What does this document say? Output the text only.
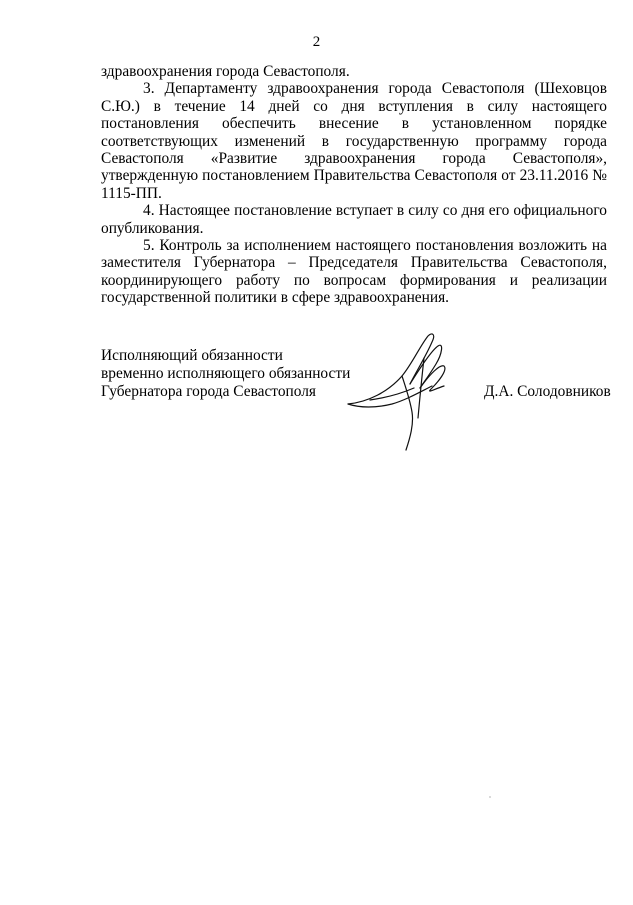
2

здравоохранения города Севастополя.

3. Департаменту здравоохранения города Севастополя (Шеховцов С.Ю.) в течение 14 дней со дня вступления в силу настоящего постановления обеспечить внесение в установленном порядке соответствующих изменений в государственную программу города Севастополя «Развитие здравоохранения города Севастополя», утвержденную постановлением Правительства Севастополя от 23.11.2016 № 1115-ПП.

4. Настоящее постановление вступает в силу со дня его официального опубликования.

5. Контроль за исполнением настоящего постановления возложить на заместителя Губернатора – Председателя Правительства Севастополя, координирующего работу по вопросам формирования и реализации государственной политики в сфере здравоохранения.

Исполняющий обязанности
временно исполняющего обязанности
Губернатора города Севастополя	Д.А. Солодовников
